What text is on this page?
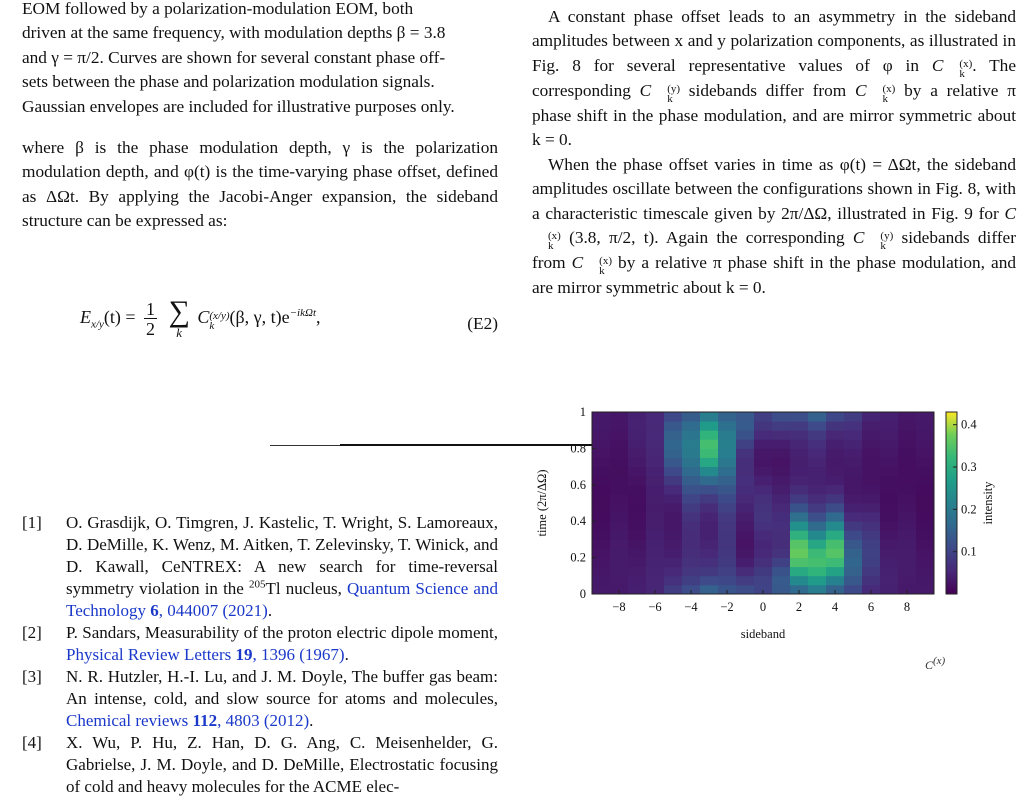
EOM followed by a polarization-modulation EOM, both
driven at the same frequency, with modulation depths β = 3.8
and γ = π/2. Curves are shown for several constant phase off-
sets between the phase and polarization modulation signals.
Gaussian envelopes are included for illustrative purposes only.
where β is the phase modulation depth, γ is the polarization modulation depth, and φ(t) is the time-varying phase offset, defined as ΔΩt. By applying the Jacobi-Anger expansion, the sideband structure can be expressed as:
$E_{x/y}(t) = \frac{1}{2}$
∑
k
C (x/y)
k (β, γ, $t)e^{-ik\Omega t}$,	(E2)
A constant phase offset leads to an asymmetry in the sideband amplitudes between x and y polarization components, as illustrated in Fig. 8 for several representative values of φ in C	(x)
k . The corresponding C	(y)
k sidebands differ from C	(x)
k by a relative π phase shift in the phase modulation, and are mirror symmetric about k = 0.
When the phase offset varies in time as φ(t) = ΔΩt, the sideband amplitudes oscillate between the configurations shown in Fig. 8, with a characteristic timescale given by 2π/ΔΩ, illustrated in Fig. 9 for C
(x)
k (3.8, π/2, t). Again the corresponding C	(y)
k sidebands differ from C	(x)
k by a relative π phase shift in the phase modulation, and are mirror symmetric about k = 0.
[1] O. Grasdijk, O. Timgren, J. Kastelic, T. Wright, S. Lamoreaux, D. DeMille, K. Wenz, M. Aitken, T. Zelevinsky, T. Winick, and D. Kawall, CeNTREX: A new search for time-reversal symmetry violation in the $^{205}$Tl nucleus, Quantum Science and Technology 6, 044007 (2021).
[2] P. Sandars, Measurability of the proton electric dipole moment, Physical Review Letters 19, 1396 (1967).
[3] N. R. Hutzler, H.-I. Lu, and J. M. Doyle, The buffer gas beam: An intense, cold, and slow source for atoms and molecules, Chemical reviews 112, 4803 (2012).
[4] X. Wu, P. Hu, Z. Han, D. G. Ang, C. Meisenhelder, G. Gabrielse, J. M. Doyle, and D. DeMille, Electrostatic focusing of cold and heavy molecules for the ACME elec-
−8 −6 −4 −2 0 2 4 6 8
0
0.2
0.4
0.6
0.8
1
sideband
time (2π/ΔΩ)
0.1
0.2
0.3
0.4
intensity
$C^{(x)}$
